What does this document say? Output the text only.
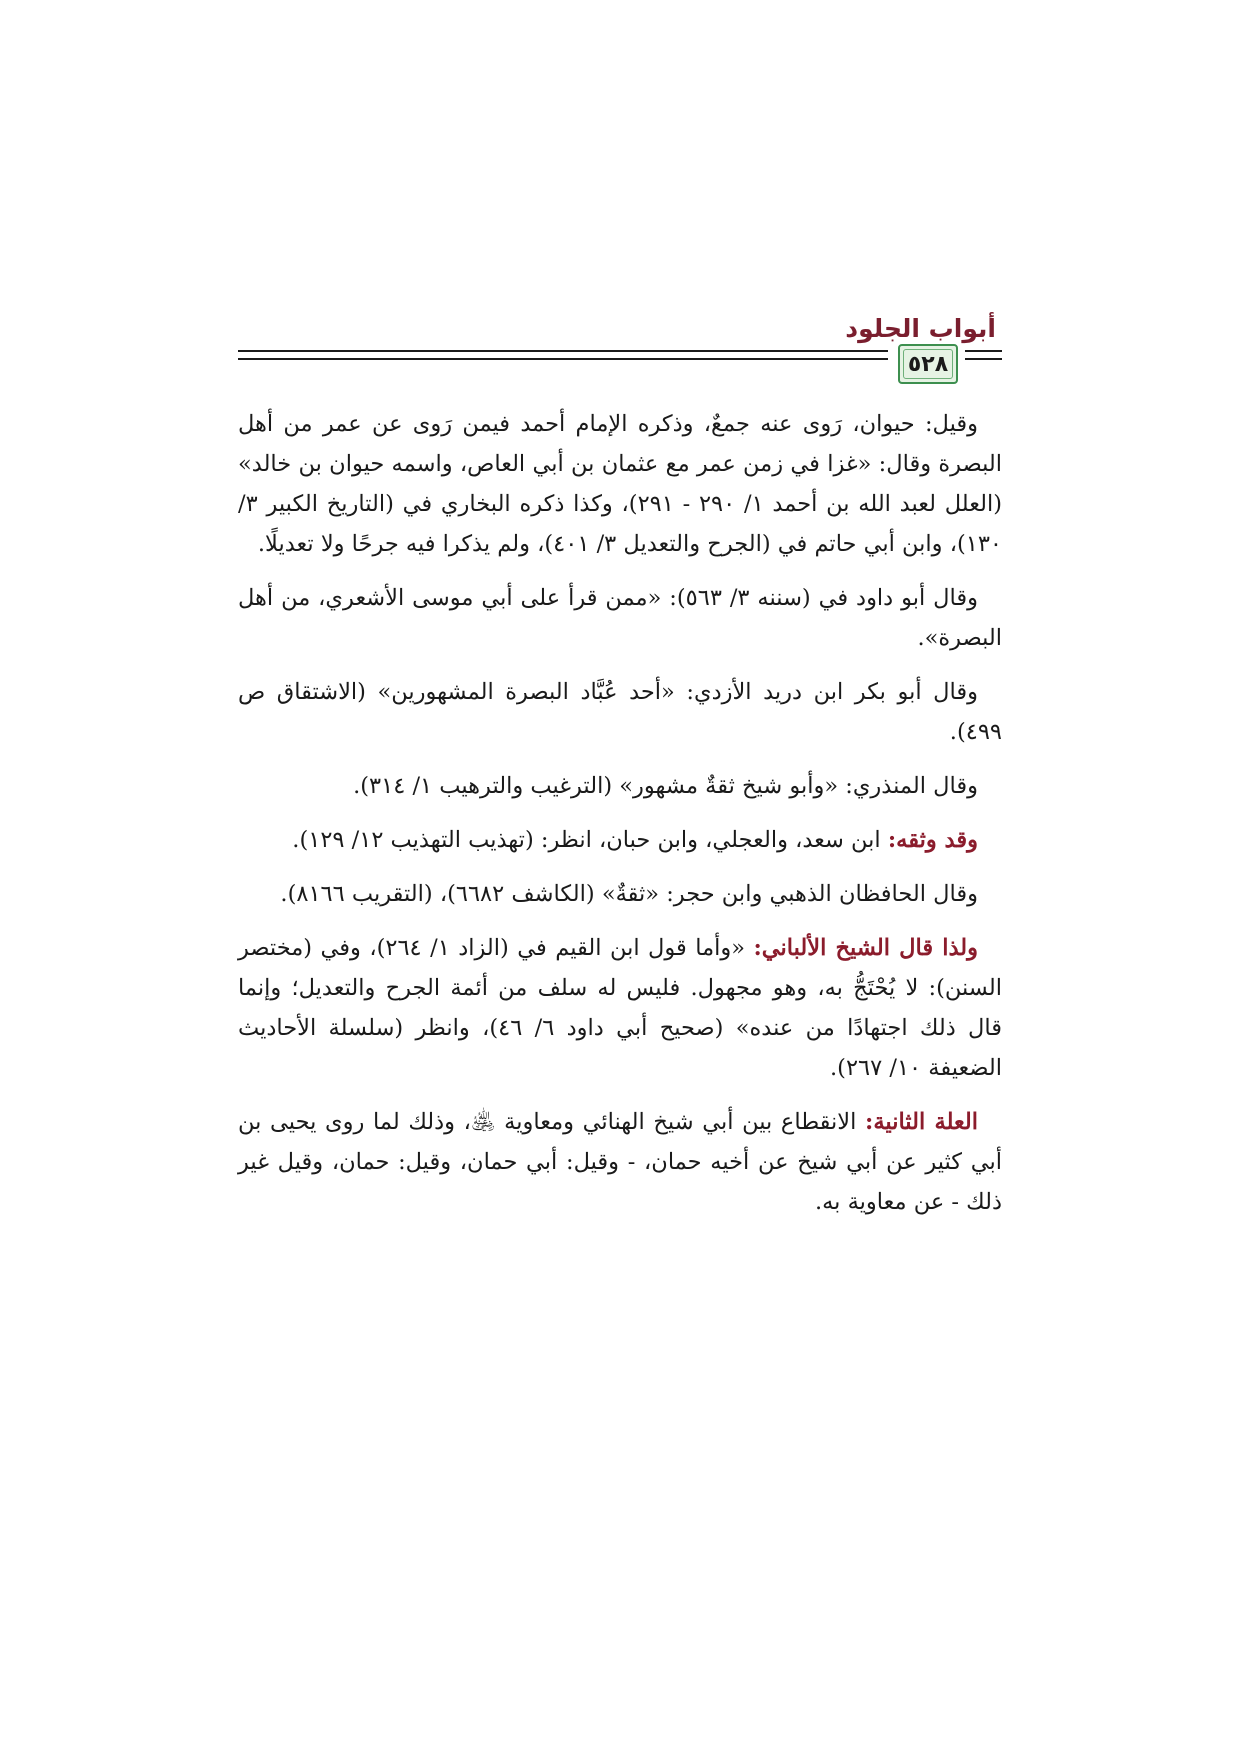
أبواب الجلود
٥٢٨

وقيل: حيوان، رَوى عنه جمعٌ، وذكره الإمام أحمد فيمن رَوى عن عمر من أهل البصرة وقال: «غزا في زمن عمر مع عثمان بن أبي العاص، واسمه حيوان بن خالد» (العلل لعبد الله بن أحمد ١/ ٢٩٠ - ٢٩١)، وكذا ذكره البخاري في (التاريخ الكبير ٣/ ١٣٠)، وابن أبي حاتم في (الجرح والتعديل ٣/ ٤٠١)، ولم يذكرا فيه جرحًا ولا تعديلًا.

وقال أبو داود في (سننه ٣/ ٥٦٣): «ممن قرأ على أبي موسى الأشعري، من أهل البصرة».

وقال أبو بكر ابن دريد الأزدي: «أحد عُبَّاد البصرة المشهورين» (الاشتقاق ص ٤٩٩).

وقال المنذري: «وأبو شيخ ثقةٌ مشهور» (الترغيب والترهيب ١/ ٣١٤).

وقد وثقه: ابن سعد، والعجلي، وابن حبان، انظر: (تهذيب التهذيب ١٢/ ١٢٩).

وقال الحافظان الذهبي وابن حجر: «ثقةٌ» (الكاشف ٦٦٨٢)، (التقريب ٨١٦٦).

ولذا قال الشيخ الألباني: «وأما قول ابن القيم في (الزاد ١/ ٢٦٤)، وفي (مختصر السنن): لا يُحْتَجُّ به، وهو مجهول. فليس له سلف من أئمة الجرح والتعديل؛ وإنما قال ذلك اجتهادًا من عنده» (صحيح أبي داود ٦/ ٤٦)، وانظر (سلسلة الأحاديث الضعيفة ١٠/ ٢٦٧).

العلة الثانية: الانقطاع بين أبي شيخ الهنائي ومعاوية ﵁، وذلك لما روى يحيى بن أبي كثير عن أبي شيخ عن أخيه حمان، - وقيل: أبي حمان، وقيل: حمان، وقيل غير ذلك - عن معاوية به.
